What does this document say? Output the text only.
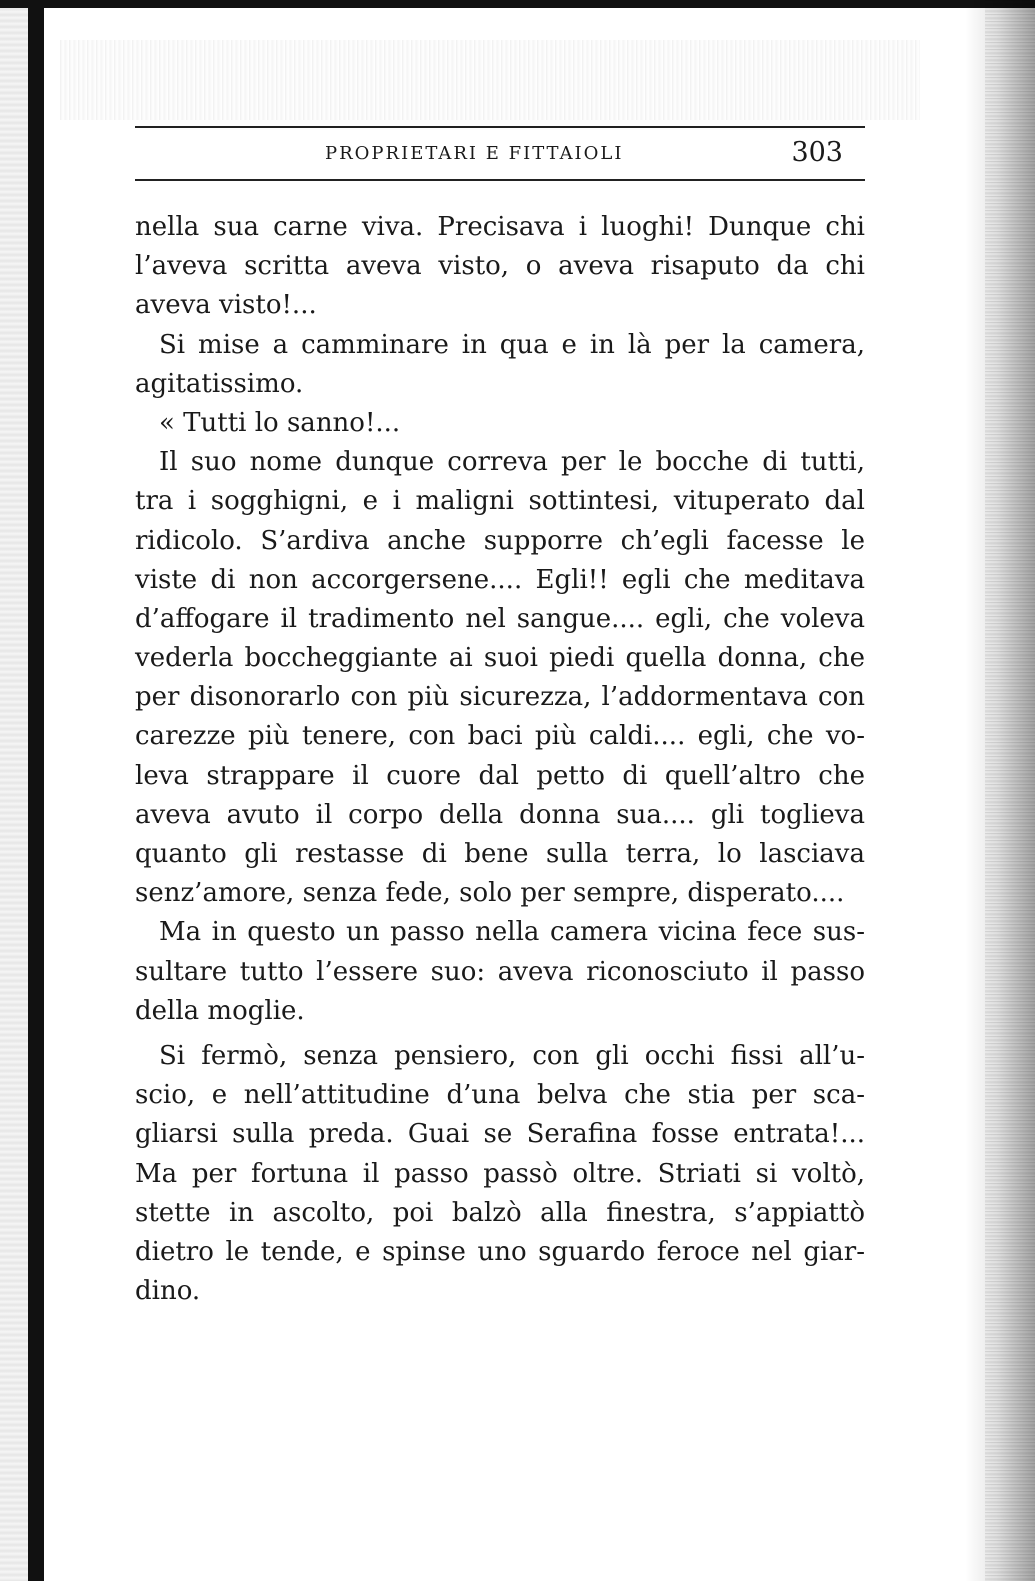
PROPRIETARI E FITTAIOLI	303
nella sua carne viva. Precisava i luoghi! Dunque chi
l’aveva scritta aveva visto, o aveva risaputo da chi
aveva visto!...
Si mise a camminare in qua e in là per la camera,
agitatissimo.
« Tutti lo sanno!...
Il suo nome dunque correva per le bocche di tutti,
tra i sogghigni, e i maligni sottintesi, vituperato dal
ridicolo. S’ardiva anche supporre ch’egli facesse le
viste di non accorgersene.... Egli!! egli che meditava
d’affogare il tradimento nel sangue.... egli, che voleva
vederla boccheggiante ai suoi piedi quella donna, che
per disonorarlo con più sicurezza, l’addormentava con
carezze più tenere, con baci più caldi.... egli, che vo-
leva strappare il cuore dal petto di quell’altro che
aveva avuto il corpo della donna sua.... gli toglieva
quanto gli restasse di bene sulla terra, lo lasciava
senz’amore, senza fede, solo per sempre, disperato....
Ma in questo un passo nella camera vicina fece sus-
sultare tutto l’essere suo: aveva riconosciuto il passo
della moglie.
Si fermò, senza pensiero, con gli occhi fissi all’u-
scio, e nell’attitudine d’una belva che stia per sca-
gliarsi sulla preda. Guai se Serafina fosse entrata!...
Ma per fortuna il passo passò oltre. Striati si voltò,
stette in ascolto, poi balzò alla finestra, s’appiattò
dietro le tende, e spinse uno sguardo feroce nel giar-
dino.
